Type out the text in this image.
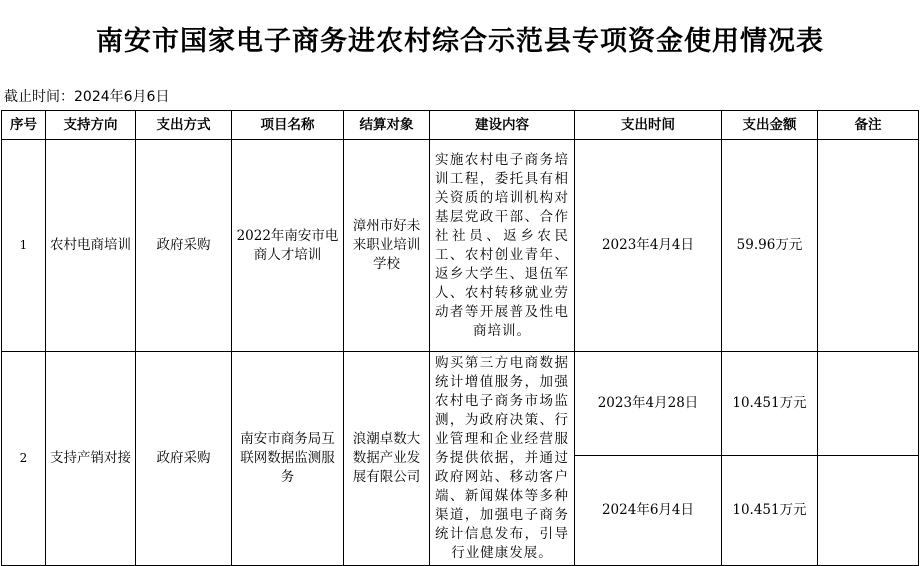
南安市国家电子商务进农村综合示范县专项资金使用情况表
截止时间：2024年6月6日
序号	支持方向	支出方式	项目名称	结算对象	建设内容	支出时间	支出金额	备注
1	农村电商培训	政府采购	2022年南安市电商人才培训	漳州市好未来职业培训学校	实施农村电子商务培训工程，委托具有相关资质的培训机构对基层党政干部、合作社社员、返乡农民工、农村创业青年、返乡大学生、退伍军人、农村转移就业劳动者等开展普及性电商培训。	2023年4月4日	59.96万元	
2	支持产销对接	政府采购	南安市商务局互联网数据监测服务	浪潮卓数大数据产业发展有限公司	购买第三方电商数据统计增值服务，加强农村电子商务市场监测，为政府决策、行业管理和企业经营服务提供依据，并通过政府网站、移动客户端、新闻媒体等多种渠道，加强电子商务统计信息发布，引导行业健康发展。	2023年4月28日	10.451万元	
						2024年6月4日	10.451万元	
